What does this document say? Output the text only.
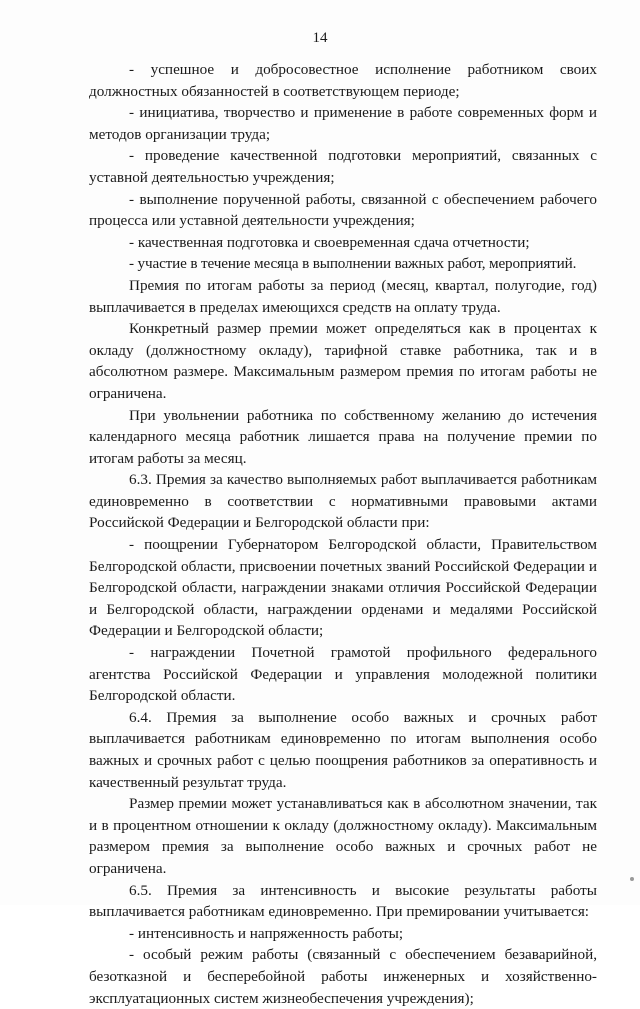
14

- успешное и добросовестное исполнение работником своих должностных обязанностей в соответствующем периоде;

- инициатива, творчество и применение в работе современных форм и методов организации труда;

- проведение качественной подготовки мероприятий, связанных с уставной деятельностью учреждения;

- выполнение порученной работы, связанной с обеспечением рабочего процесса или уставной деятельности учреждения;

- качественная подготовка и своевременная сдача отчетности;

- участие в течение месяца в выполнении важных работ, мероприятий.

Премия по итогам работы за период (месяц, квартал, полугодие, год) выплачивается в пределах имеющихся средств на оплату труда.

Конкретный размер премии может определяться как в процентах к окладу (должностному окладу), тарифной ставке работника, так и в абсолютном размере. Максимальным размером премия по итогам работы не ограничена.

При увольнении работника по собственному желанию до истечения календарного месяца работник лишается права на получение премии по итогам работы за месяц.

6.3. Премия за качество выполняемых работ выплачивается работникам единовременно в соответствии с нормативными правовыми актами Российской Федерации и Белгородской области при:

- поощрении Губернатором Белгородской области, Правительством Белгородской области, присвоении почетных званий Российской Федерации и Белгородской области, награждении знаками отличия Российской Федерации и Белгородской области, награждении орденами и медалями Российской Федерации и Белгородской области;

- награждении Почетной грамотой профильного федерального агентства Российской Федерации и управления молодежной политики Белгородской области.

6.4. Премия за выполнение особо важных и срочных работ выплачивается работникам единовременно по итогам выполнения особо важных и срочных работ с целью поощрения работников за оперативность и качественный результат труда.

Размер премии может устанавливаться как в абсолютном значении, так и в процентном отношении к окладу (должностному окладу). Максимальным размером премия за выполнение особо важных и срочных работ не ограничена.

6.5. Премия за интенсивность и высокие результаты работы выплачивается работникам единовременно. При премировании учитывается:

- интенсивность и напряженность работы;

- особый режим работы (связанный с обеспечением безаварийной, безотказной и бесперебойной работы инженерных и хозяйственно-эксплуатационных систем жизнеобеспечения учреждения);
